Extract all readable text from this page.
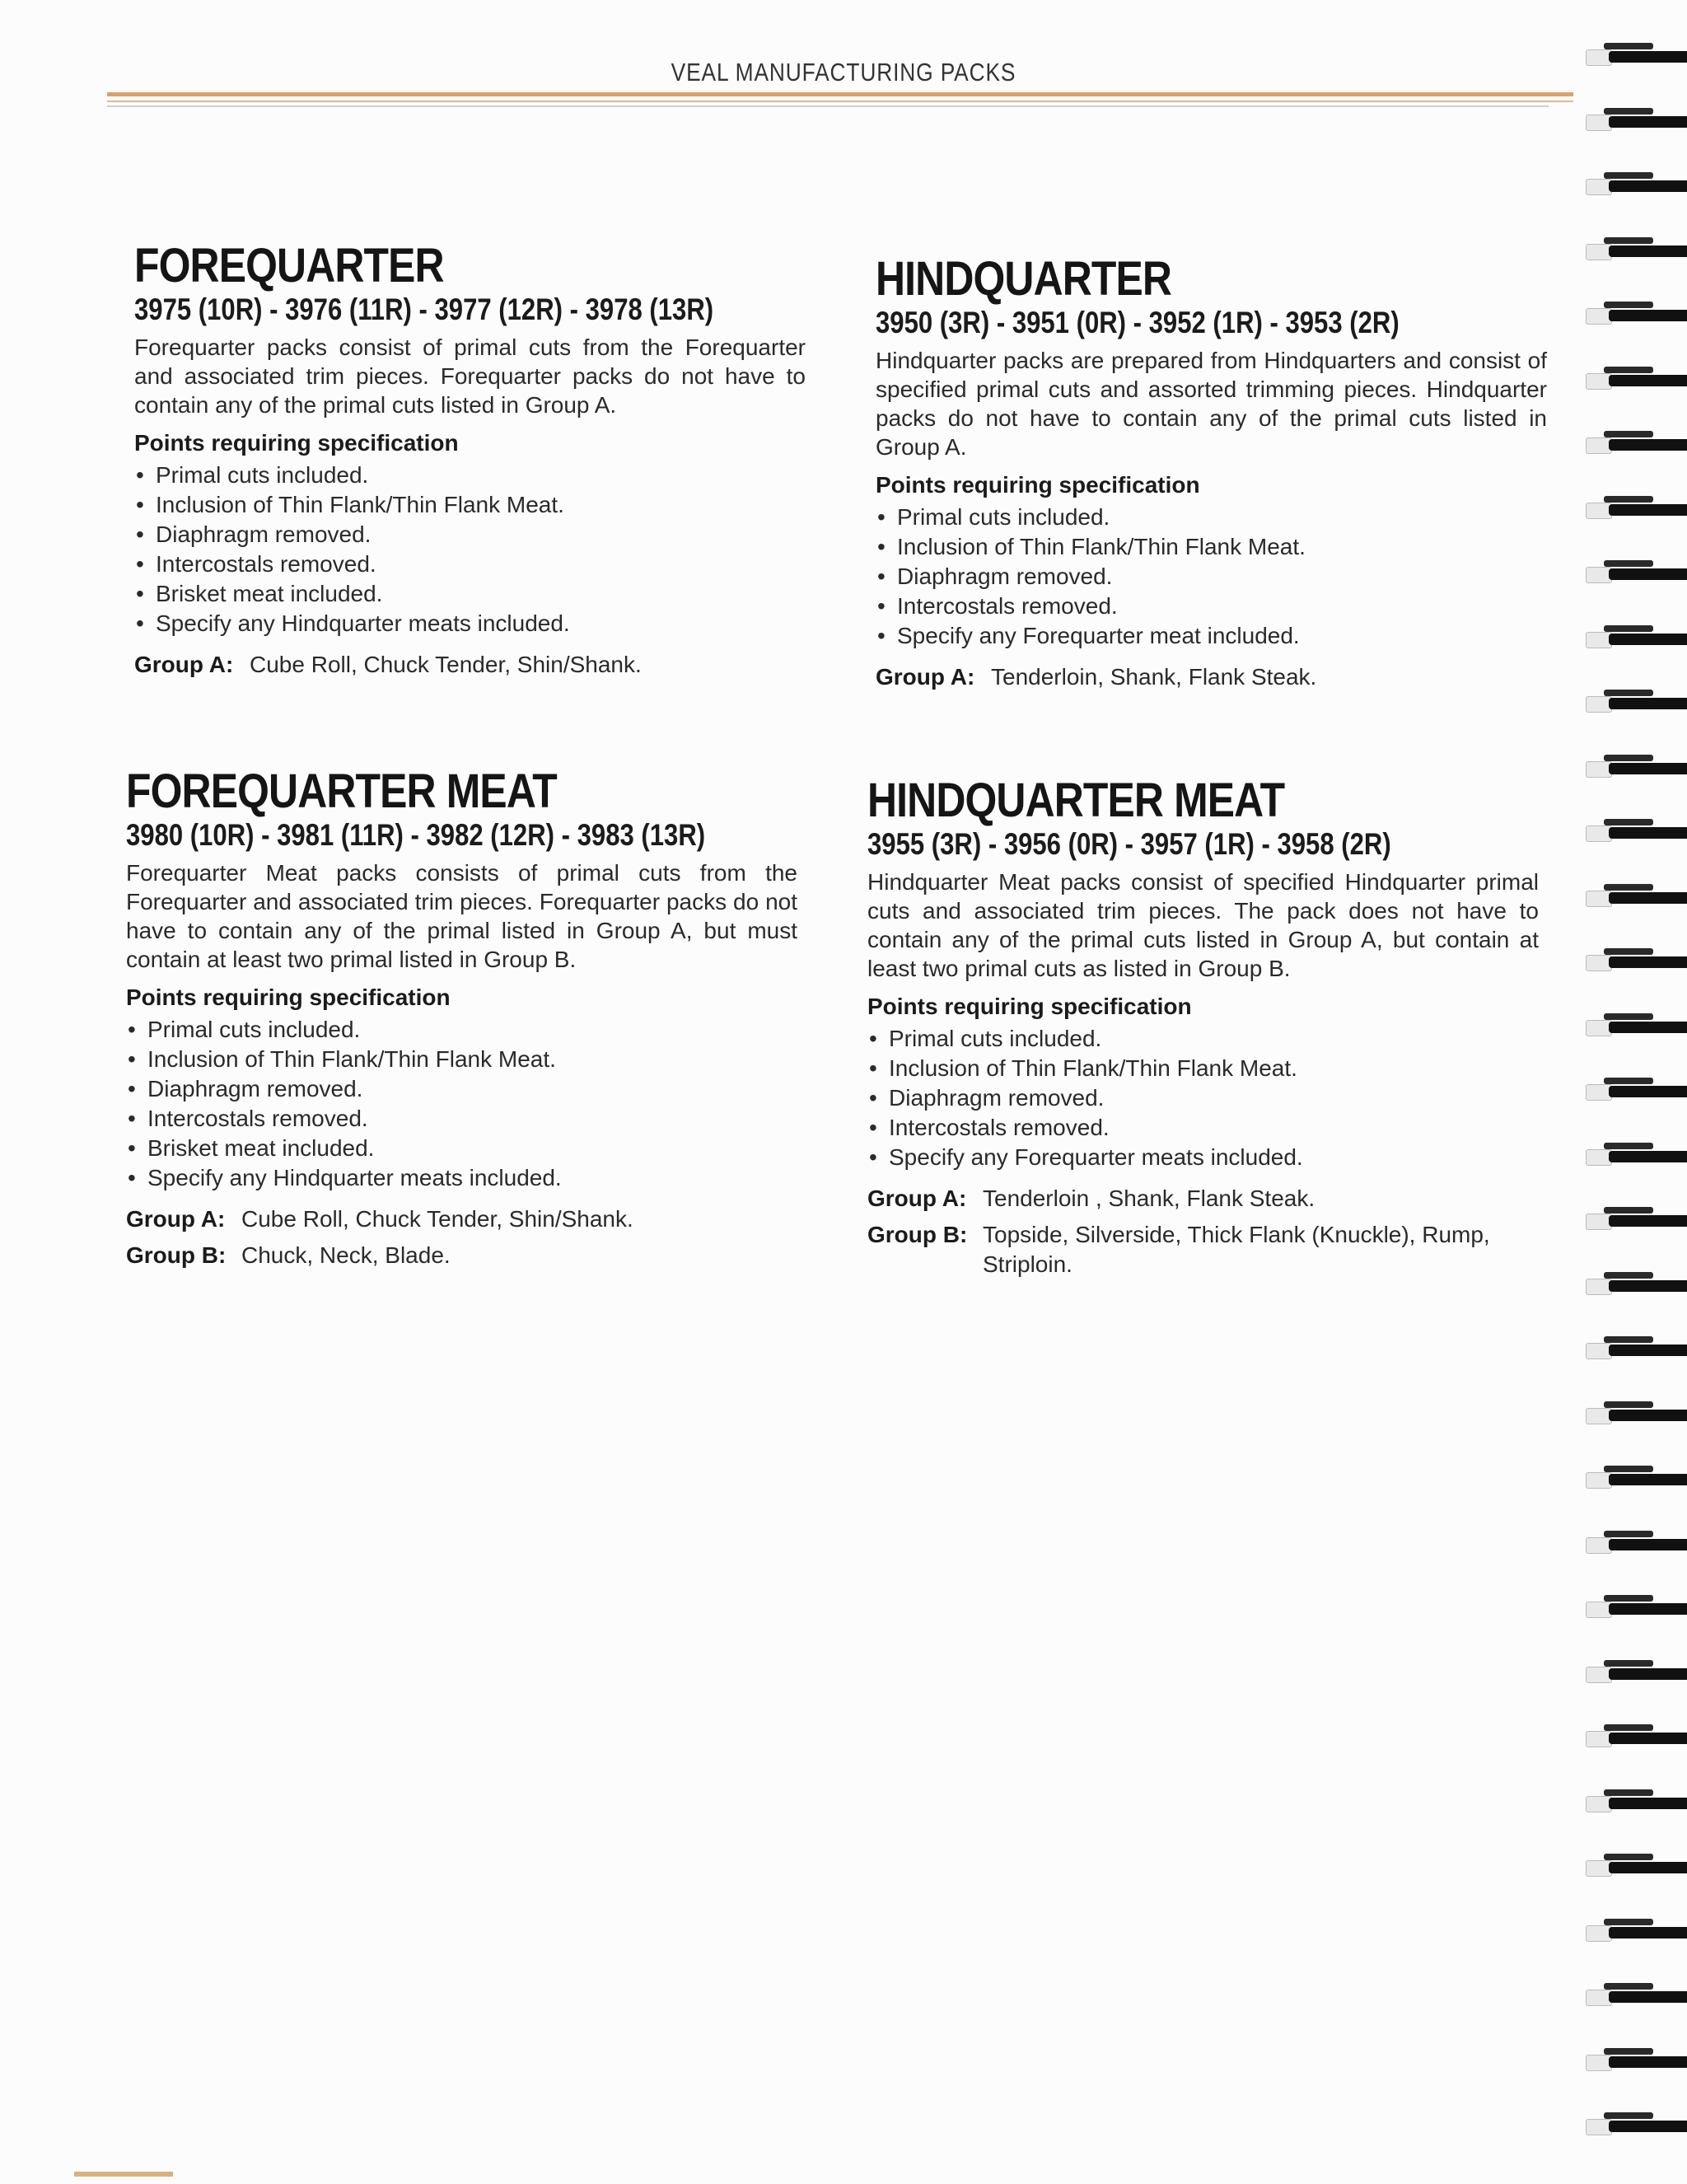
VEAL MANUFACTURING PACKS
FOREQUARTER
3975 (10R) - 3976 (11R) - 3977 (12R) - 3978 (13R)

Forequarter packs consist of primal cuts from the Forequarter and associated trim pieces. Forequarter packs do not have to contain any of the primal cuts listed in Group A.

Points requiring specification
• Primal cuts included.
• Inclusion of Thin Flank/Thin Flank Meat.
• Diaphragm removed.
• Intercostals removed.
• Brisket meat included.
• Specify any Hindquarter meats included.
Group A: Cube Roll, Chuck Tender, Shin/Shank.
HINDQUARTER
3950 (3R) - 3951 (0R) - 3952 (1R) - 3953 (2R)

Hindquarter packs are prepared from Hindquarters and consist of specified primal cuts and assorted trimming pieces. Hindquarter packs do not have to contain any of the primal cuts listed in Group A.

Points requiring specification
• Primal cuts included.
• Inclusion of Thin Flank/Thin Flank Meat.
• Diaphragm removed.
• Intercostals removed.
• Specify any Forequarter meat included.
Group A: Tenderloin, Shank, Flank Steak.
FOREQUARTER MEAT
3980 (10R) - 3981 (11R) - 3982 (12R) - 3983 (13R)

Forequarter Meat packs consists of primal cuts from the Forequarter and associated trim pieces. Forequarter packs do not have to contain any of the primal listed in Group A, but must contain at least two primal listed in Group B.

Points requiring specification
• Primal cuts included.
• Inclusion of Thin Flank/Thin Flank Meat.
• Diaphragm removed.
• Intercostals removed.
• Brisket meat included.
• Specify any Hindquarter meats included.
Group A: Cube Roll, Chuck Tender, Shin/Shank.
Group B: Chuck, Neck, Blade.
HINDQUARTER MEAT
3955 (3R) - 3956 (0R) - 3957 (1R) - 3958 (2R)

Hindquarter Meat packs consist of specified Hindquarter primal cuts and associated trim pieces. The pack does not have to contain any of the primal cuts listed in Group A, but contain at least two primal cuts as listed in Group B.

Points requiring specification
• Primal cuts included.
• Inclusion of Thin Flank/Thin Flank Meat.
• Diaphragm removed.
• Intercostals removed.
• Specify any Forequarter meats included.
Group A: Tenderloin , Shank, Flank Steak.
Group B: Topside, Silverside, Thick Flank (Knuckle), Rump, Striploin.
